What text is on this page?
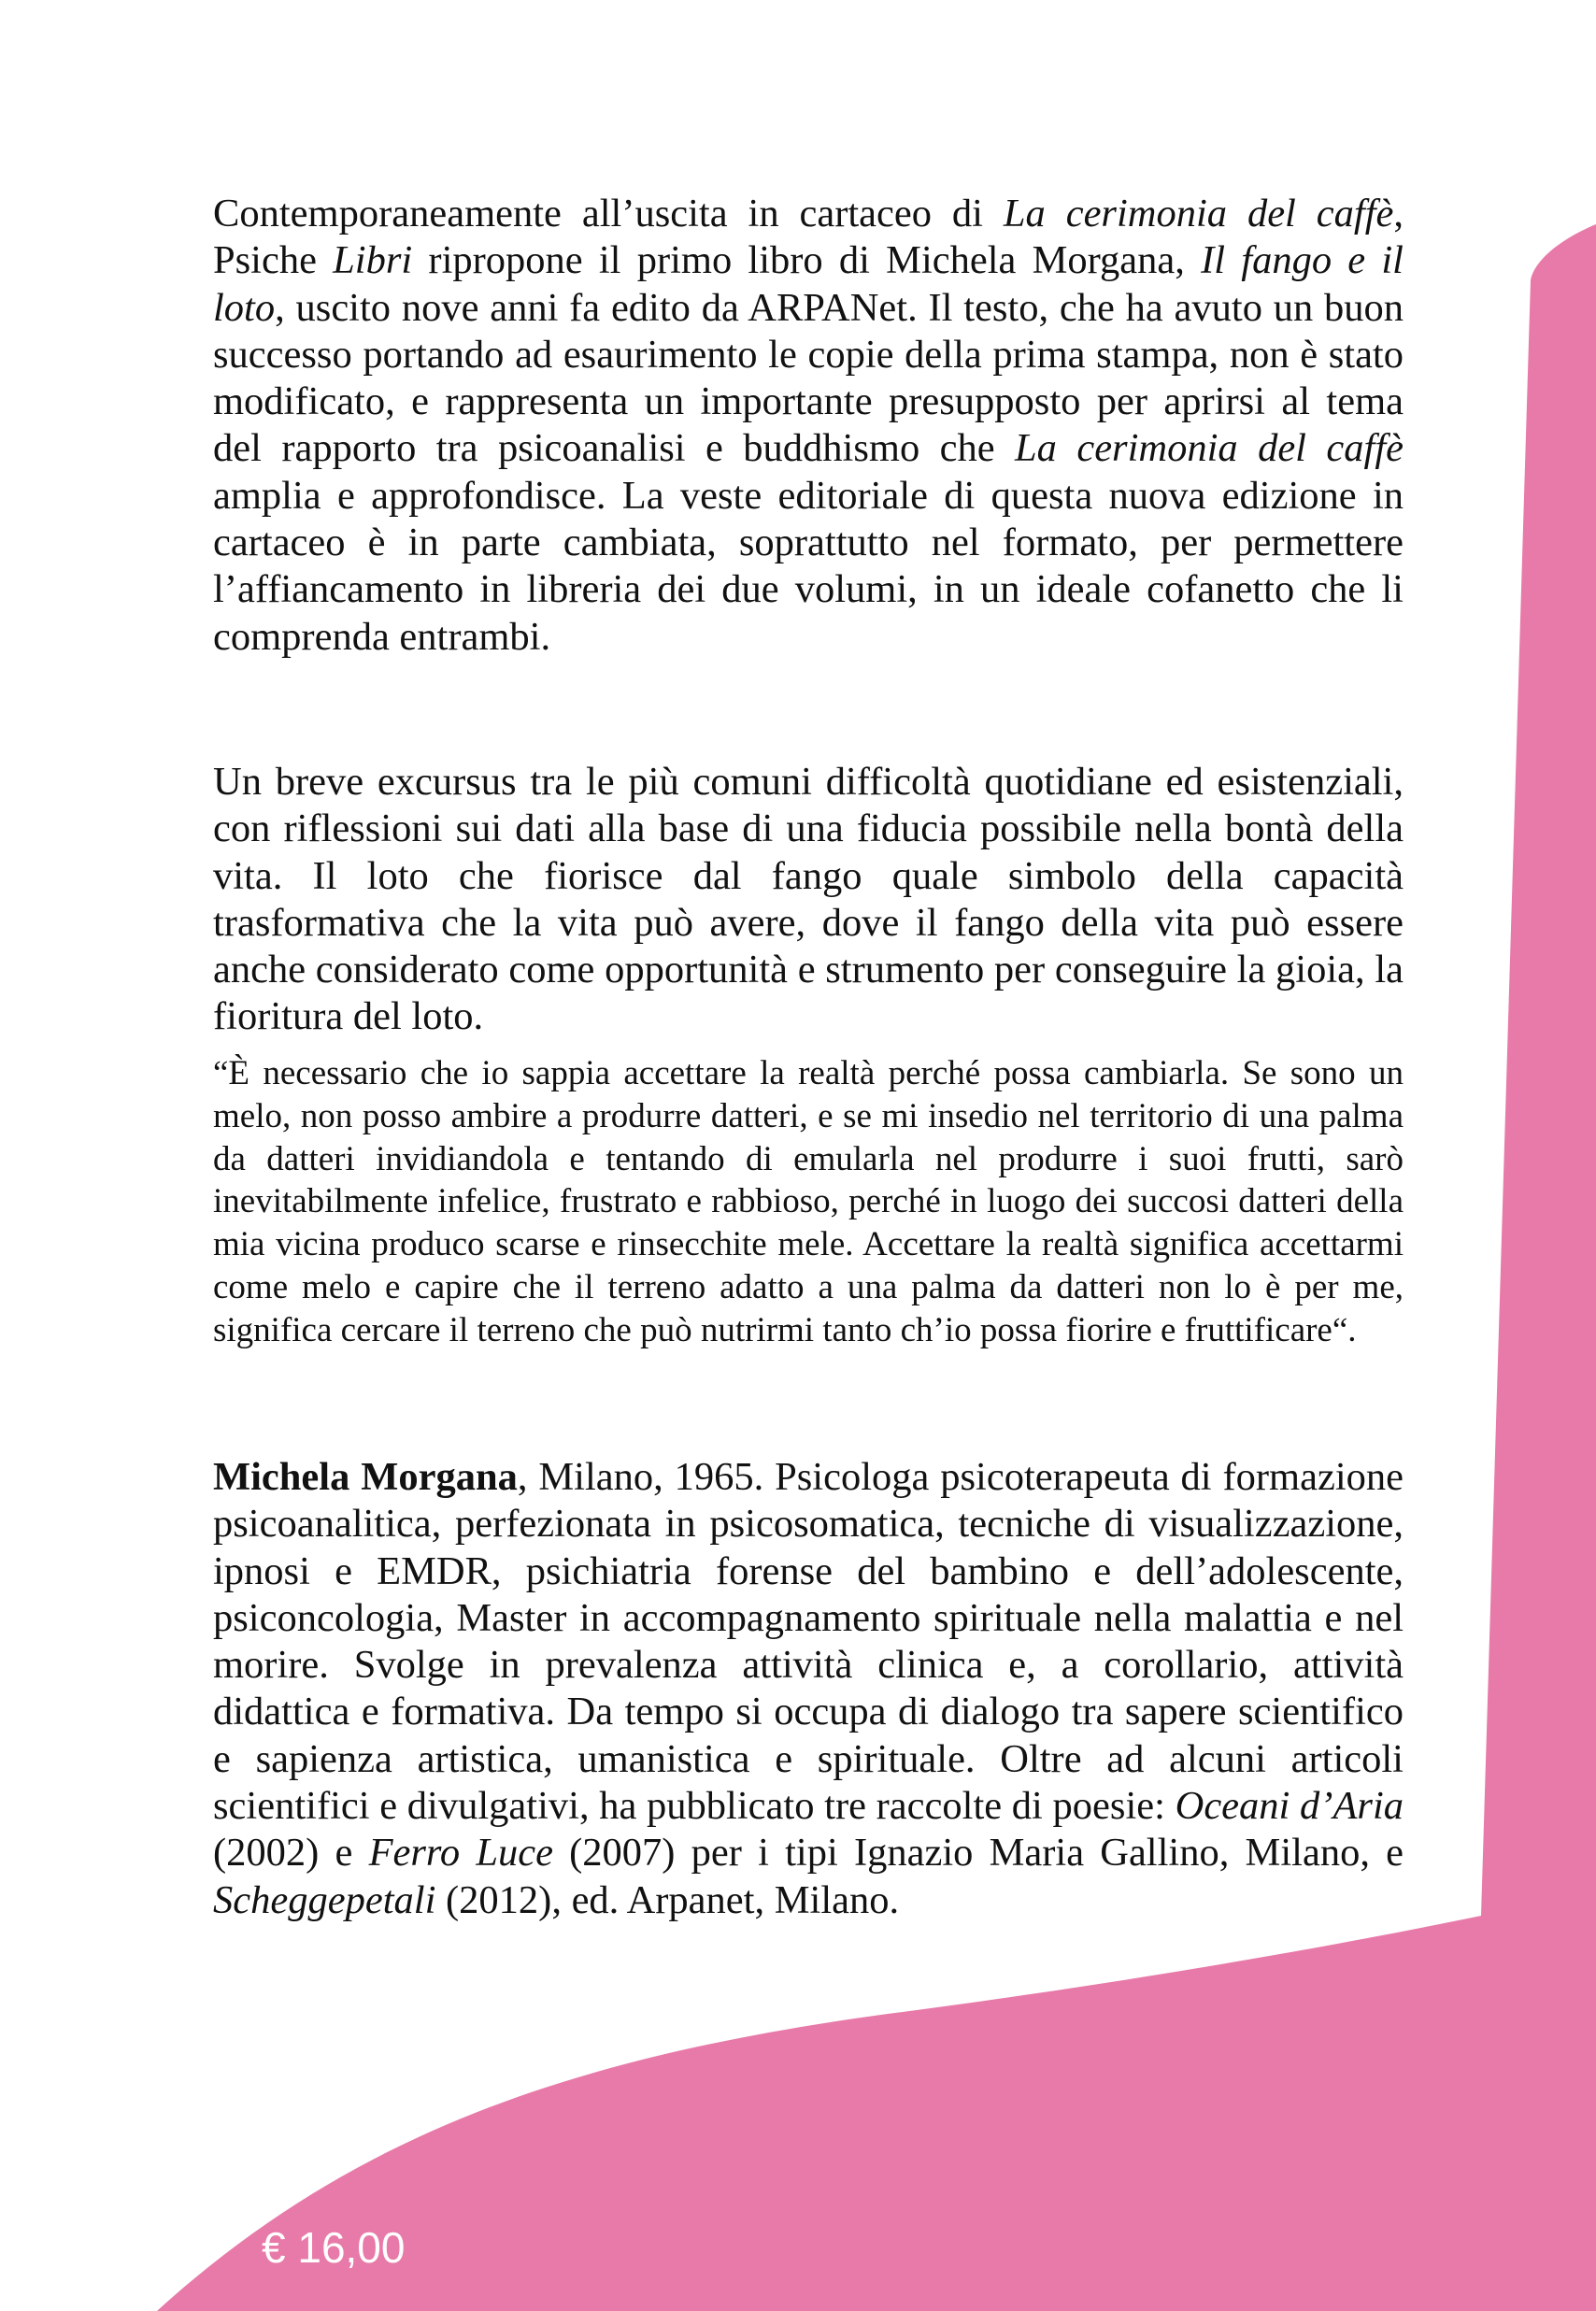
Contemporaneamente all’uscita in cartaceo di La cerimonia del caffè, Psiche Libri ripropone il primo libro di Michela Morgana, Il fango e il loto, uscito nove anni fa edito da ARPANet. Il testo, che ha avuto un buon successo portando ad esaurimento le copie della prima stampa, non è stato modificato, e rappresenta un importante presupposto per aprirsi al tema del rapporto tra psicoanalisi e buddhismo che La cerimonia del caffè amplia e approfondisce. La veste editoriale di questa nuova edizione in cartaceo è in parte cambiata, soprattutto nel formato, per permettere l’affiancamento in libreria dei due volumi, in un ideale cofanetto che li comprenda entrambi.

Un breve excursus tra le più comuni difficoltà quotidiane ed esistenziali, con riflessioni sui dati alla base di una fiducia possibile nella bontà della vita. Il loto che fiorisce dal fango quale simbolo della capacità trasformativa che la vita può avere, dove il fango della vita può essere anche considerato come opportunità e strumento per conseguire la gioia, la fioritura del loto.

“È necessario che io sappia accettare la realtà perché possa cambiarla. Se sono un melo, non posso ambire a produrre datteri, e se mi insedio nel territorio di una palma da datteri invidiandola e tentando di emularla nel produrre i suoi frutti, sarò inevitabilmente infelice, frustrato e rabbioso, perché in luogo dei succosi datteri della mia vicina produco scarse e rinsecchite mele. Accettare la realtà significa accettarmi come melo e capire che il terreno adatto a una palma da datteri non lo è per me, significa cercare il terreno che può nutrirmi tanto ch’io possa fiorire e fruttificare“.

Michela Morgana, Milano, 1965. Psicologa psicoterapeuta di formazione psicoanalitica, perfezionata in psicosomatica, tecniche di visualizzazione, ipnosi e EMDR, psichiatria forense del bambino e dell’adolescente, psiconcologia, Master in accompagnamento spirituale nella malattia e nel morire. Svolge in prevalenza attività clinica e, a corollario, attività didattica e formativa. Da tempo si occupa di dialogo tra sapere scientifico e sapienza artistica, umanistica e spirituale. Oltre ad alcuni articoli scientifici e divulgativi, ha pubblicato tre raccolte di poesie: Oceani d’Aria (2002) e Ferro Luce (2007) per i tipi Ignazio Maria Gallino, Milano, e Scheggepetali (2012), ed. Arpanet, Milano.

€ 16,00
